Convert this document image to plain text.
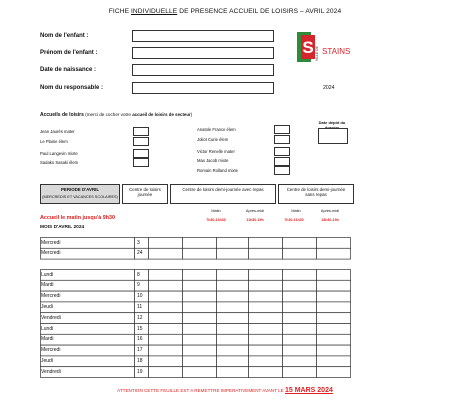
FICHE INDIVIDUELLE DE PRESENCE ACCUEIL DE LOISIRS – AVRIL 2024
Nom de l'enfant :
Prénom de l'enfant :
Date de naissance :
Nom du responsable :
S VILLE DE STAINS
2024
Accueils de loisirs (merci de cocher votre accueil de loisirs de secteur)
Date dépôt du dossier
Jean Jaurès mater
Le Plaine élem
Paul Langevin mixte
Sadako Sasaki élem
Anatole France élem
Joliot Curie élem
Victor Renelle mater
Max Jacob mixte
Romain Rolland mixte
PERIODE D'AVRIL
(MERCREDIS ET VACANCES SCOLAIRES)
Centre de loisirs journée
Centre de loisirs demi-journée avec repas	Centre de loisirs demi-journée sans repas
Matin	Après-midi	Matin	Après-midi
7h30-13h30	11h30-19h	7h30-11h30	13h30-19h
Accueil le matin jusqu'à 9h30
MOIS D'AVRIL 2024
Mercredi	3
Mercredi	24
Lundi	8
Mardi	9
Mercredi	10
Jeudi	11
Vendredi	12
Lundi	15
Mardi	16
Mercredi	17
Jeudi	18
Vendredi	19
ATTENTION CETTE FEUILLE EST A REMETTRE IMPERATIVEMENT AVANT LE 15 MARS 2024
